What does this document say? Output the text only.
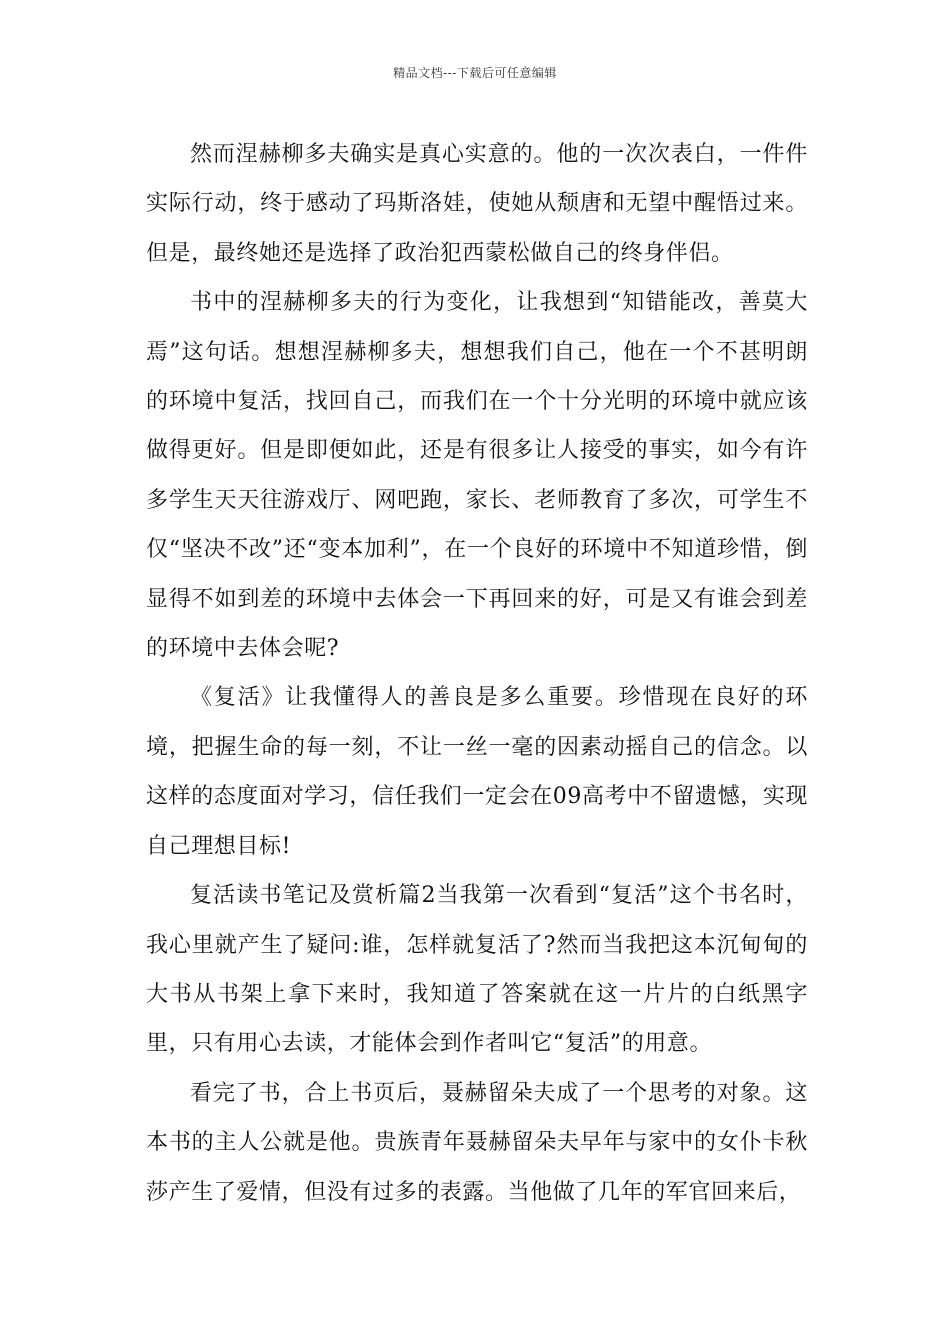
精品文档---下载后可任意编辑

然而涅赫柳多夫确实是真心实意的。他的一次次表白，一件件实际行动，终于感动了玛斯洛娃，使她从颓唐和无望中醒悟过来。但是，最终她还是选择了政治犯西蒙松做自己的终身伴侣。

书中的涅赫柳多夫的行为变化，让我想到“知错能改，善莫大焉”这句话。想想涅赫柳多夫，想想我们自己，他在一个不甚明朗的环境中复活，找回自己，而我们在一个十分光明的环境中就应该做得更好。但是即便如此，还是有很多让人接受的事实，如今有许多学生天天往游戏厅、网吧跑，家长、老师教育了多次，可学生不仅“坚决不改”还“变本加利”，在一个良好的环境中不知道珍惜，倒显得不如到差的环境中去体会一下再回来的好，可是又有谁会到差的环境中去体会呢?

《复活》让我懂得人的善良是多么重要。珍惜现在良好的环境，把握生命的每一刻，不让一丝一毫的因素动摇自己的信念。以这样的态度面对学习，信任我们一定会在09高考中不留遗憾，实现自己理想目标!

复活读书笔记及赏析篇2当我第一次看到“复活”这个书名时，我心里就产生了疑问:谁，怎样就复活了?然而当我把这本沉甸甸的大书从书架上拿下来时，我知道了答案就在这一片片的白纸黑字里，只有用心去读，才能体会到作者叫它“复活”的用意。

看完了书，合上书页后，聂赫留朵夫成了一个思考的对象。这本书的主人公就是他。贵族青年聂赫留朵夫早年与家中的女仆卡秋莎产生了爱情，但没有过多的表露。当他做了几年的军官回来后，
